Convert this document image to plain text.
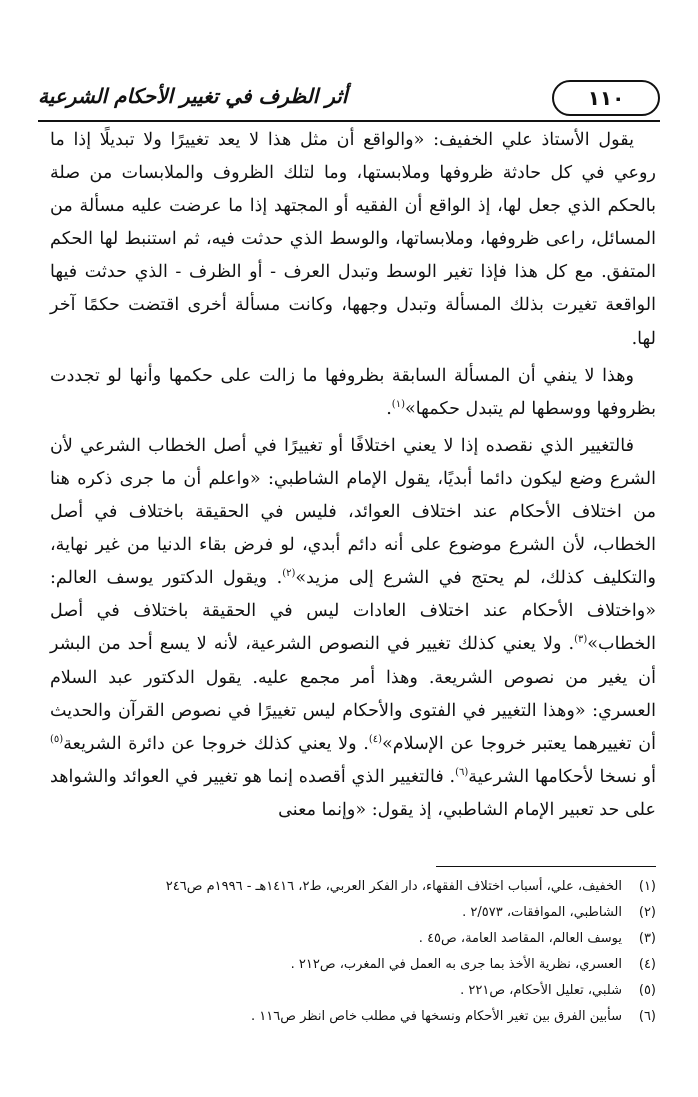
١١٠
أثر الظرف في تغيير الأحكام الشرعية

يقول الأستاذ علي الخفيف: «والواقع أن مثل هذا لا يعد تغييرًا ولا تبديلًا إذا ما روعي في كل حادثة ظروفها وملابستها، وما لتلك الظروف والملابسات من صلة بالحكم الذي جعل لها، إذ الواقع أن الفقيه أو المجتهد إذا ما عرضت عليه مسألة من المسائل، راعى ظروفها، وملابساتها، والوسط الذي حدثت فيه، ثم استنبط لها الحكم المتفق. مع كل هذا فإذا تغير الوسط وتبدل العرف - أو الظرف - الذي حدثت فيها الواقعة تغيرت بذلك المسألة وتبدل وجهها، وكانت مسألة أخرى اقتضت حكمًا آخر لها.

وهذا لا ينفي أن المسألة السابقة بظروفها ما زالت على حكمها وأنها لو تجددت بظروفها ووسطها لم يتبدل حكمها»$^{(١)}$.

فالتغيير الذي نقصده إذا لا يعني اختلافًا أو تغييرًا في أصل الخطاب الشرعي لأن الشرع وضع ليكون دائما أبديًا، يقول الإمام الشاطبي: «واعلم أن ما جرى ذكره هنا من اختلاف الأحكام عند اختلاف العوائد، فليس في الحقيقة باختلاف في أصل الخطاب، لأن الشرع موضوع على أنه دائم أبدي، لو فرض بقاء الدنيا من غير نهاية، والتكليف كذلك، لم يحتج في الشرع إلى مزيد»$^{(٢)}$. ويقول الدكتور يوسف العالم: «واختلاف الأحكام عند اختلاف العادات ليس في الحقيقة باختلاف في أصل الخطاب»$^{(٣)}$. ولا يعني كذلك تغيير في النصوص الشرعية، لأنه لا يسع أحد من البشر أن يغير من نصوص الشريعة. وهذا أمر مجمع عليه. يقول الدكتور عبد السلام العسري: «وهذا التغيير في الفتوى والأحكام ليس تغييرًا في نصوص القرآن والحديث أن تغييرهما يعتبر خروجا عن الإسلام»$^{(٤)}$. ولا يعني كذلك خروجا عن دائرة الشريعة$^{(٥)}$ أو نسخا لأحكامها الشرعية$^{(٦)}$. فالتغيير الذي أقصده إنما هو تغيير في العوائد والشواهد على حد تعبير الإمام الشاطبي، إذ يقول: «وإنما معنى

(١)
الخفيف، علي، أسباب اختلاف الفقهاء، دار الفكر العربي، ط٢، ١٤١٦هـ - ١٩٩٦م ص٢٤٦
(٢)
الشاطبي، الموافقات، ٢/٥٧٣ .
(٣)
يوسف العالم، المقاصد العامة، ص٤٥ .
(٤)
العسري، نظرية الأخذ بما جرى به العمل في المغرب، ص٢١٢ .
(٥)
شلبي، تعليل الأحكام، ص٢٢١ .
(٦)
سأبين الفرق بين تغير الأحكام ونسخها في مطلب خاص انظر ص١١٦ .
